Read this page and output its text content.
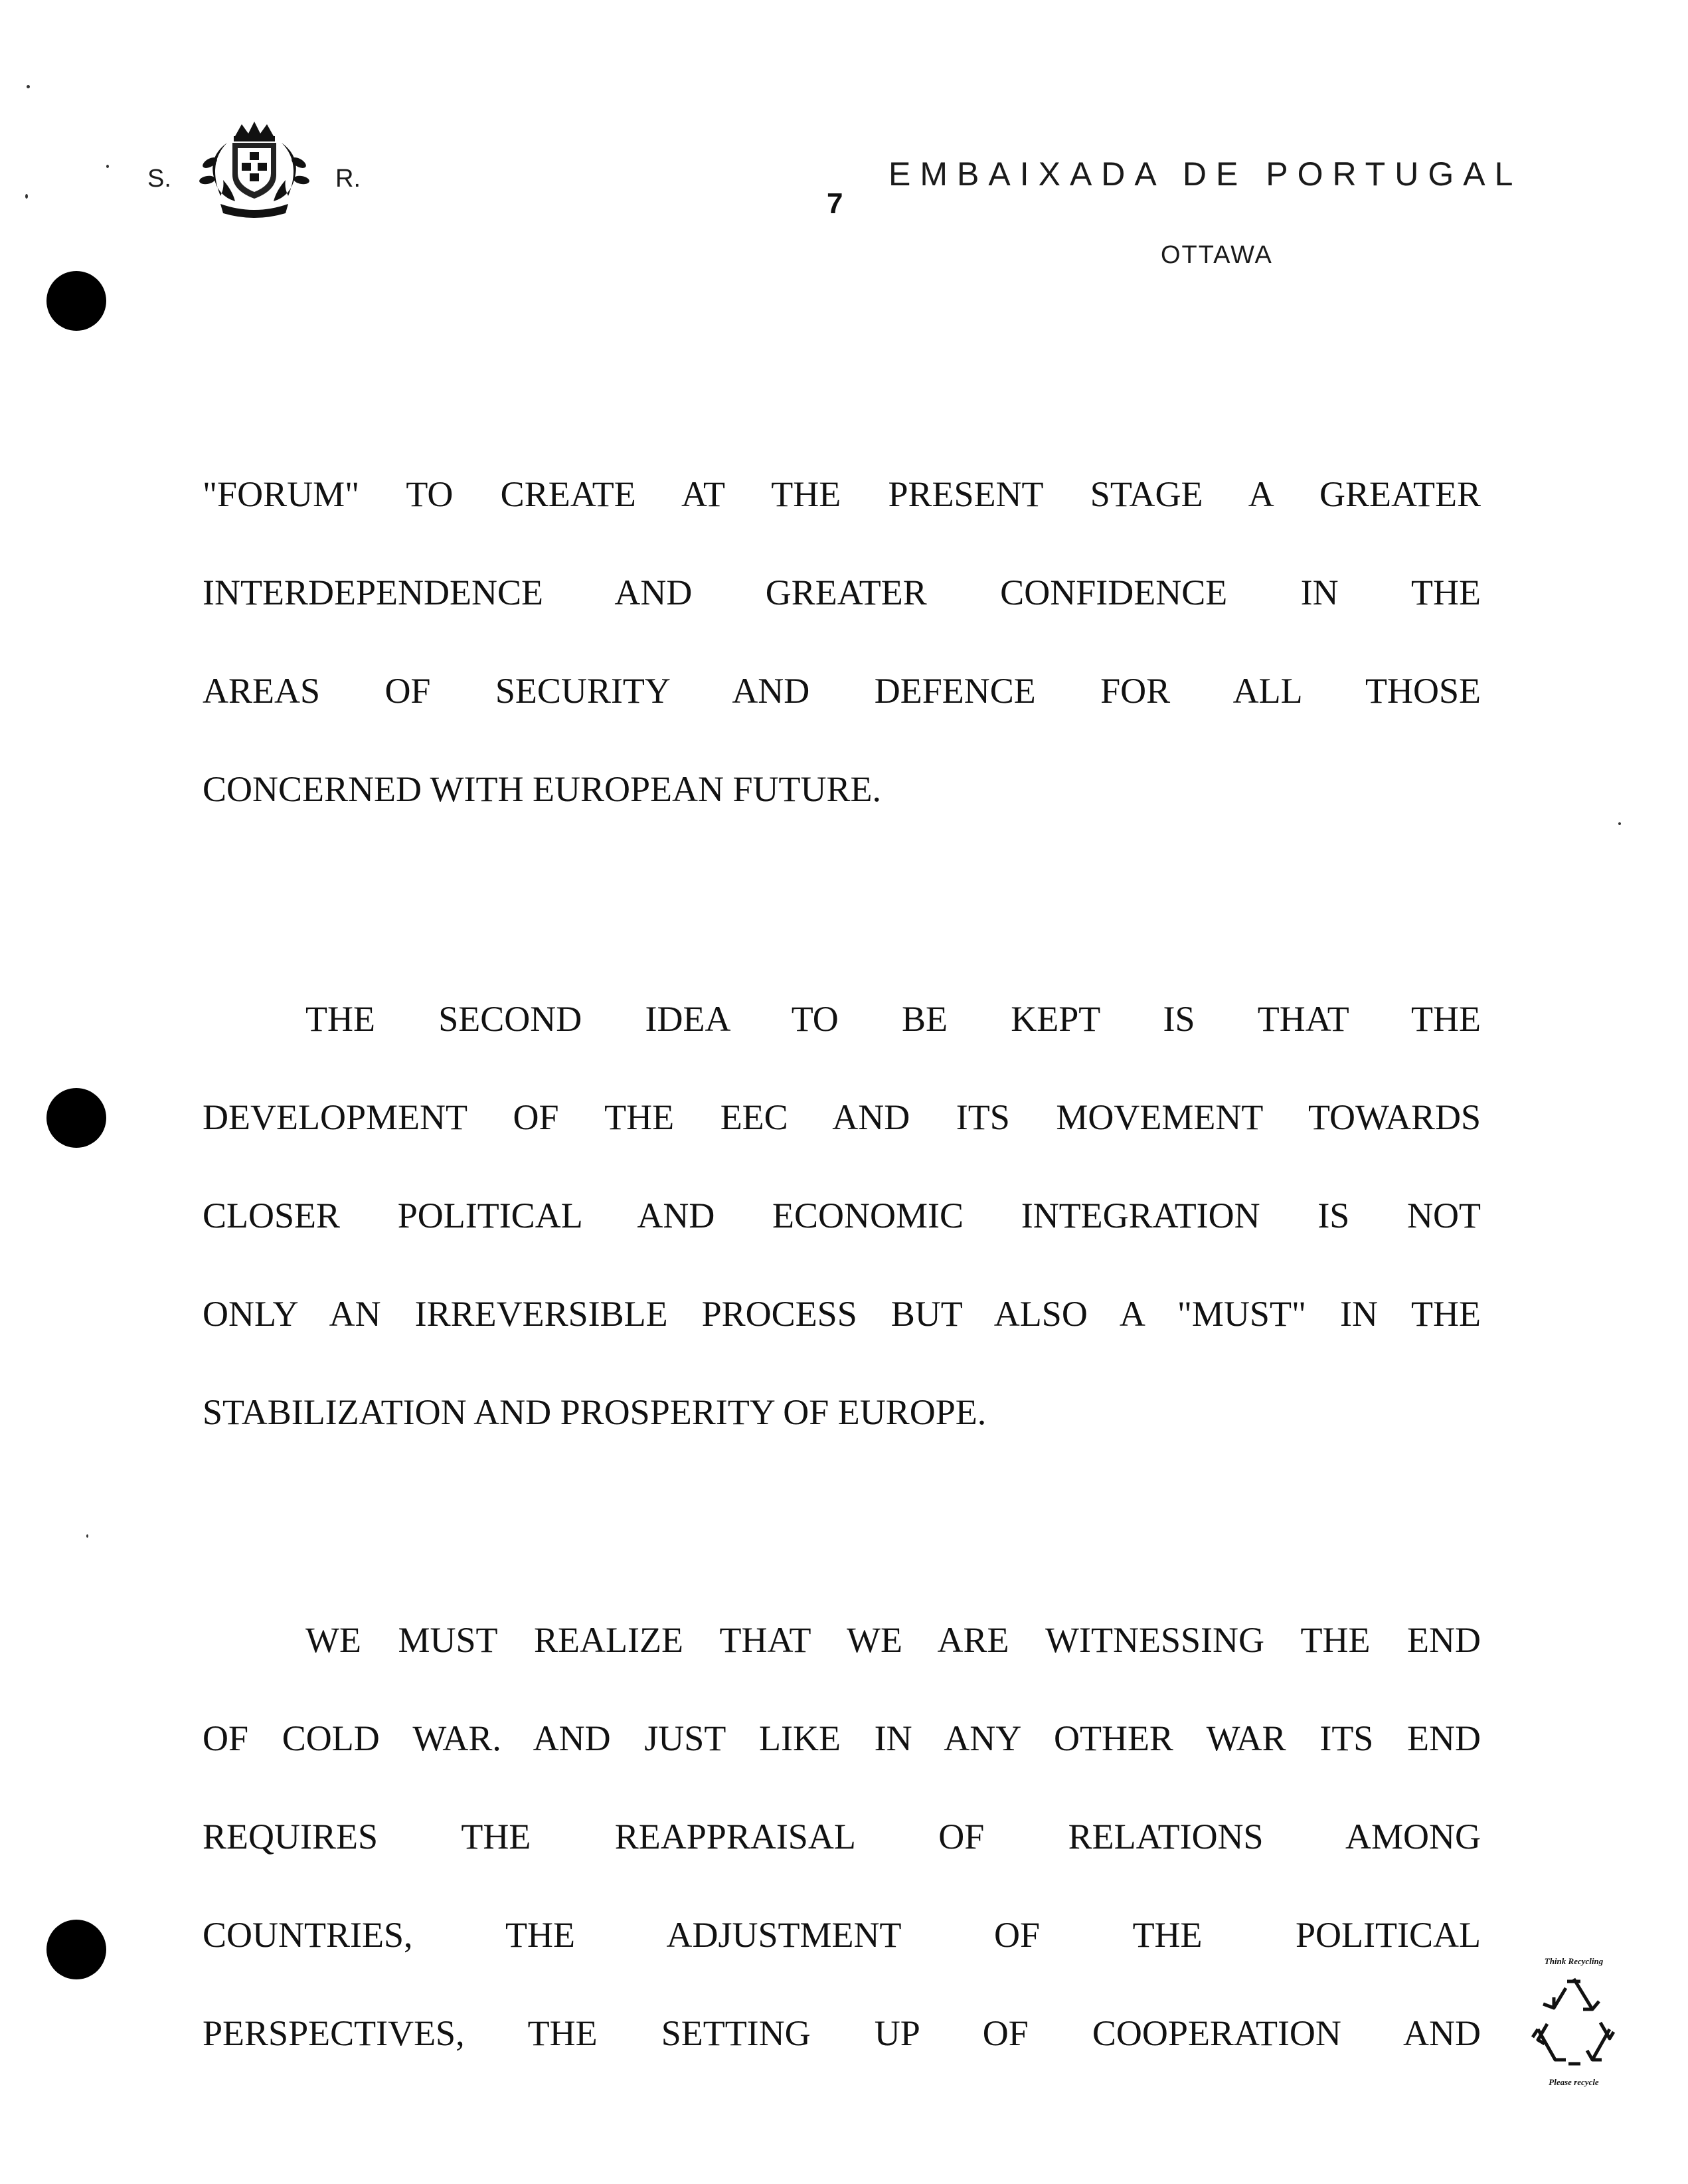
S.	R.	EMBAIXADA DE PORTUGAL
7
OTTAWA
"FORUM" TO CREATE AT THE PRESENT STAGE A GREATER
INTERDEPENDENCE AND GREATER CONFIDENCE IN THE
AREAS OF SECURITY AND DEFENCE FOR ALL THOSE
CONCERNED WITH EUROPEAN FUTURE.
THE SECOND IDEA TO BE KEPT IS THAT THE
DEVELOPMENT OF THE EEC AND ITS MOVEMENT TOWARDS
CLOSER POLITICAL AND ECONOMIC INTEGRATION IS NOT
ONLY AN IRREVERSIBLE PROCESS BUT ALSO A "MUST" IN THE
STABILIZATION AND PROSPERITY OF EUROPE.
WE MUST REALIZE THAT WE ARE WITNESSING THE END
OF COLD WAR. AND JUST LIKE IN ANY OTHER WAR ITS END
REQUIRES THE REAPPRAISAL OF RELATIONS AMONG
COUNTRIES, THE ADJUSTMENT OF THE POLITICAL
PERSPECTIVES, THE SETTING UP OF COOPERATION AND
Think Recycling
Please recycle
